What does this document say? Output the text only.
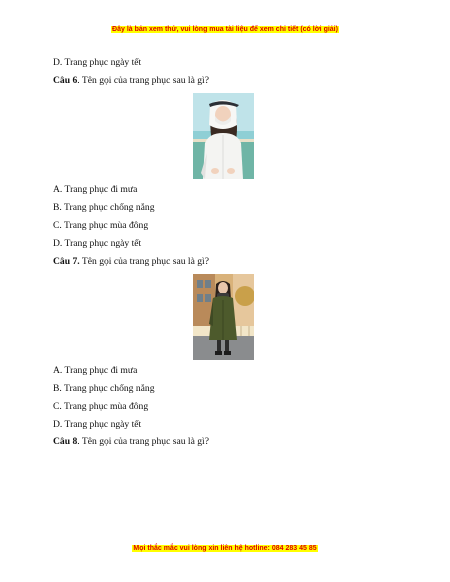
Đây là bản xem thử, vui lòng mua tài liệu để xem chi tiết (có lời giải)
D. Trang phục ngày tết
Câu 6. Tên gọi của trang phục sau là gì?
A. Trang phục đi mưa
B. Trang phục chống nắng
C. Trang phục mùa đông
D. Trang phục ngày tết
Câu 7. Tên gọi của trang phục sau là gì?
A. Trang phục đi mưa
B. Trang phục chống nắng
C. Trang phục mùa đông
D. Trang phục ngày tết
Câu 8. Tên gọi của trang phục sau là gì?
Mọi thắc mắc vui lòng xin liên hệ hotline: 084 283 45 85
